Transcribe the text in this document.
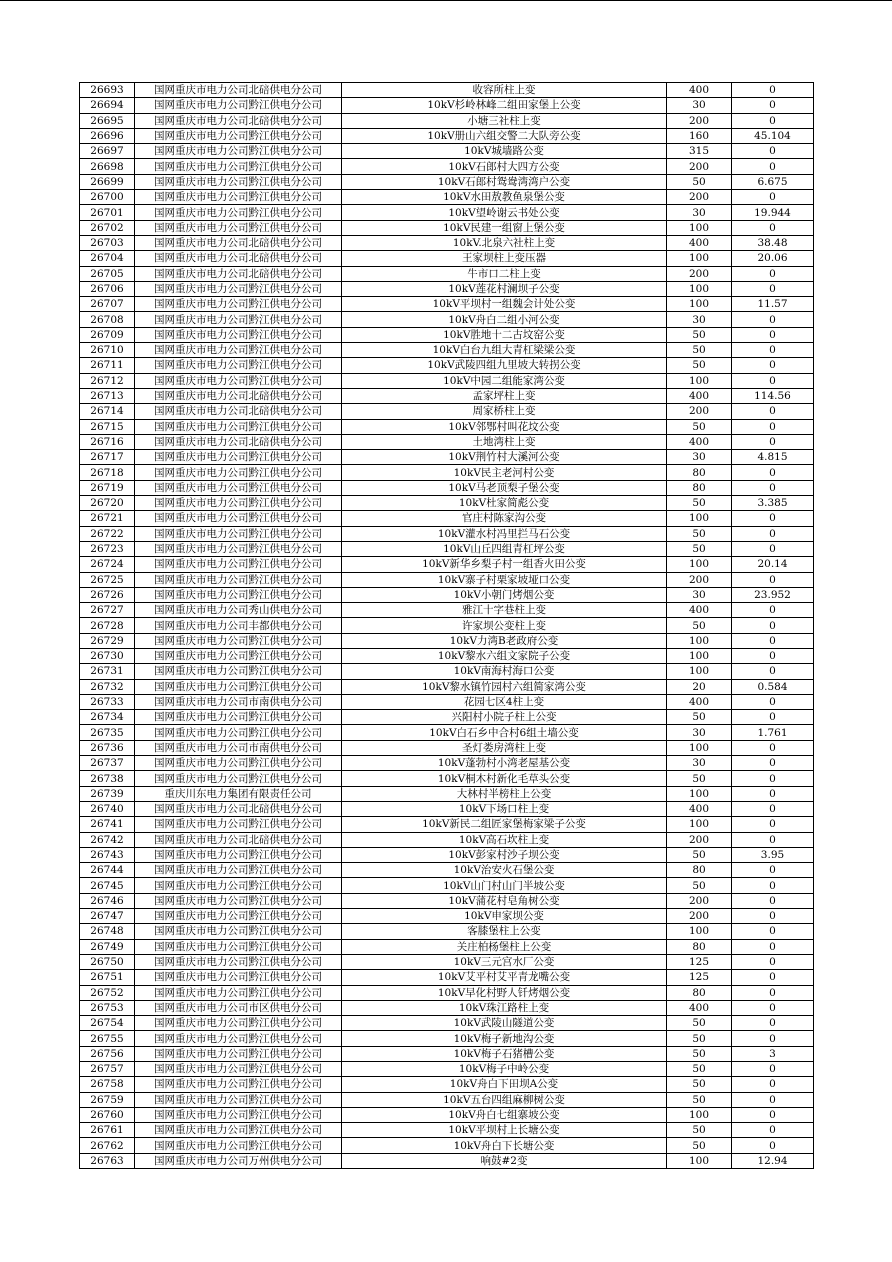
26693	国网重庆市电力公司北碚供电分公司	收容所柱上变	400	0
26694	国网重庆市电力公司黔江供电分公司	10kV杉岭林峰二组田家堡上公变	30	0
26695	国网重庆市电力公司北碚供电分公司	小塘三社柱上变	200	0
26696	国网重庆市电力公司黔江供电分公司	10kV册山六组交警二大队旁公变	160	45.104
26697	国网重庆市电力公司黔江供电分公司	10kV城墙路公变	315	0
26698	国网重庆市电力公司黔江供电分公司	10kV石郎村大四方公变	200	0
26699	国网重庆市电力公司黔江供电分公司	10kV石郎村鸳鸯湾湾户公变	50	6.675
26700	国网重庆市电力公司黔江供电分公司	10kV水田敖教鱼泉堡公变	200	0
26701	国网重庆市电力公司黔江供电分公司	10kV望岭谢云书处公变	30	19.944
26702	国网重庆市电力公司黔江供电分公司	10kV民建一组窗上堡公变	100	0
26703	国网重庆市电力公司北碚供电分公司	10kV.北泉六社柱上变	400	38.48
26704	国网重庆市电力公司北碚供电分公司	王家坝柱上变压器	100	20.06
26705	国网重庆市电力公司北碚供电分公司	牛市口二柱上变	200	0
26706	国网重庆市电力公司黔江供电分公司	10kV莲花村澜坝子公变	100	0
26707	国网重庆市电力公司黔江供电分公司	10kV平坝村一组魏会计处公变	100	11.57
26708	国网重庆市电力公司黔江供电分公司	10kV舟白二组小河公变	30	0
26709	国网重庆市电力公司黔江供电分公司	10kV胜地十二古坟窑公变	50	0
26710	国网重庆市电力公司黔江供电分公司	10kV白台九组大青杠梁梁公变	50	0
26711	国网重庆市电力公司黔江供电分公司	10kV武陵四组九里坡大转拐公变	50	0
26712	国网重庆市电力公司黔江供电分公司	10kV中园二组能家湾公变	100	0
26713	国网重庆市电力公司北碚供电分公司	孟家坪柱上变	400	114.56
26714	国网重庆市电力公司北碚供电分公司	周家桥柱上变	200	0
26715	国网重庆市电力公司黔江供电分公司	10kV邻鄂村叫花坟公变	50	0
26716	国网重庆市电力公司北碚供电分公司	土地湾柱上变	400	0
26717	国网重庆市电力公司黔江供电分公司	10kV荆竹村大溪河公变	30	4.815
26718	国网重庆市电力公司黔江供电分公司	10kV民主老河村公变	80	0
26719	国网重庆市电力公司黔江供电分公司	10kV马老顶梨子堡公变	80	0
26720	国网重庆市电力公司黔江供电分公司	10kV杜家简彪公变	50	3.385
26721	国网重庆市电力公司黔江供电分公司	官庄村陈家沟公变	100	0
26722	国网重庆市电力公司黔江供电分公司	10kV灌水村冯里拦马石公变	50	0
26723	国网重庆市电力公司黔江供电分公司	10kV山丘四组青杠坪公变	50	0
26724	国网重庆市电力公司黔江供电分公司	10kV新华乡梨子村一组香火田公变	100	20.14
26725	国网重庆市电力公司黔江供电分公司	10kV寨子村栗家坡垭口公变	200	0
26726	国网重庆市电力公司黔江供电分公司	10kV小朝门烤烟公变	30	23.952
26727	国网重庆市电力公司秀山供电分公司	雅江十字巷柱上变	400	0
26728	国网重庆市电力公司丰都供电分公司	许家坝公变柱上变	50	0
26729	国网重庆市电力公司黔江供电分公司	10kV力湾B老政府公变	100	0
26730	国网重庆市电力公司黔江供电分公司	10kV黎水六组文家院子公变	100	0
26731	国网重庆市电力公司黔江供电分公司	10kV南海村海口公变	100	0
26732	国网重庆市电力公司黔江供电分公司	10kV黎水镇竹园村六组简家湾公变	20	0.584
26733	国网重庆市电力公司市南供电分公司	花园七区4柱上变	400	0
26734	国网重庆市电力公司黔江供电分公司	兴阳村小院子柱上公变	50	0
26735	国网重庆市电力公司黔江供电分公司	10kV白石乡中合村6组土墙公变	30	1.761
26736	国网重庆市电力公司市南供电分公司	圣灯娄房湾柱上变	100	0
26737	国网重庆市电力公司黔江供电分公司	10kV蓬勃村小湾老屋基公变	30	0
26738	国网重庆市电力公司黔江供电分公司	10kV桐木村新化毛草头公变	50	0
26739	重庆川东电力集团有限责任公司	大林村半榜柱上公变	100	0
26740	国网重庆市电力公司北碚供电分公司	10kV下场口柱上变	400	0
26741	国网重庆市电力公司黔江供电分公司	10kV新民二组匠家堡梅家梁子公变	100	0
26742	国网重庆市电力公司北碚供电分公司	10kV高石坎柱上变	200	0
26743	国网重庆市电力公司黔江供电分公司	10kV彭家村沙子坝公变	50	3.95
26744	国网重庆市电力公司黔江供电分公司	10kV治安火石堡公变	80	0
26745	国网重庆市电力公司黔江供电分公司	10kV山门村山门半坡公变	50	0
26746	国网重庆市电力公司黔江供电分公司	10kV蒲花村皂角树公变	200	0
26747	国网重庆市电力公司黔江供电分公司	10kV申家坝公变	200	0
26748	国网重庆市电力公司黔江供电分公司	客膝堡柱上公变	100	0
26749	国网重庆市电力公司黔江供电分公司	关庄柏杨堡柱上公变	80	0
26750	国网重庆市电力公司黔江供电分公司	10kV三元宫水厂公变	125	0
26751	国网重庆市电力公司黔江供电分公司	10kV艾平村艾平青龙嘴公变	125	0
26752	国网重庆市电力公司黔江供电分公司	10kV早化村野人钎烤烟公变	80	0
26753	国网重庆市电力公司市区供电分公司	10kV珠江路柱上变	400	0
26754	国网重庆市电力公司黔江供电分公司	10kV武陵山隧道公变	50	0
26755	国网重庆市电力公司黔江供电分公司	10kV梅子新地沟公变	50	0
26756	国网重庆市电力公司黔江供电分公司	10kV梅子石猪槽公变	50	3
26757	国网重庆市电力公司黔江供电分公司	10kV梅子中岭公变	50	0
26758	国网重庆市电力公司黔江供电分公司	10kV舟白下田坝A公变	50	0
26759	国网重庆市电力公司黔江供电分公司	10kV五台四组麻柳树公变	50	0
26760	国网重庆市电力公司黔江供电分公司	10kV舟白七组寨坡公变	100	0
26761	国网重庆市电力公司黔江供电分公司	10kV平坝村上长塘公变	50	0
26762	国网重庆市电力公司黔江供电分公司	10kV舟白下长塘公变	50	0
26763	国网重庆市电力公司万州供电分公司	响鼓#2变	100	12.94
